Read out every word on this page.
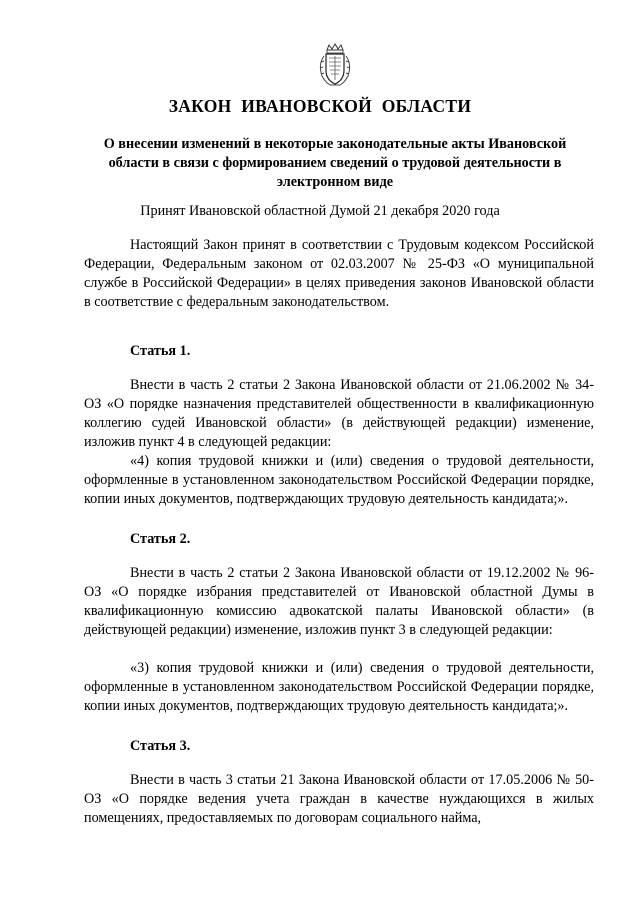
ЗАКОН ИВАНОВСКОЙ ОБЛАСТИ
О внесении изменений в некоторые законодательные акты Ивановской области в связи с формированием сведений о трудовой деятельности в электронном виде
Принят Ивановской областной Думой 21 декабря 2020 года

Настоящий Закон принят в соответствии с Трудовым кодексом Российской Федерации, Федеральным законом от 02.03.2007 № 25-ФЗ «О муниципальной службе в Российской Федерации» в целях приведения законов Ивановской области в соответствие с федеральным законодательством.

Статья 1.

Внести в часть 2 статьи 2 Закона Ивановской области от 21.06.2002 № 34-ОЗ «О порядке назначения представителей общественности в квалификационную коллегию судей Ивановской области» (в действующей редакции) изменение, изложив пункт 4 в следующей редакции:

«4) копия трудовой книжки и (или) сведения о трудовой деятельности, оформленные в установленном законодательством Российской Федерации порядке, копии иных документов, подтверждающих трудовую деятельность кандидата;».

Статья 2.

Внести в часть 2 статьи 2 Закона Ивановской области от 19.12.2002 № 96-ОЗ «О порядке избрания представителей от Ивановской областной Думы в квалификационную комиссию адвокатской палаты Ивановской области» (в действующей редакции) изменение, изложив пункт 3 в следующей редакции:

«3) копия трудовой книжки и (или) сведения о трудовой деятельности, оформленные в установленном законодательством Российской Федерации порядке, копии иных документов, подтверждающих трудовую деятельность кандидата;».

Статья 3.

Внести в часть 3 статьи 21 Закона Ивановской области от 17.05.2006 № 50-ОЗ «О порядке ведения учета граждан в качестве нуждающихся в жилых помещениях, предоставляемых по договорам социального найма,
